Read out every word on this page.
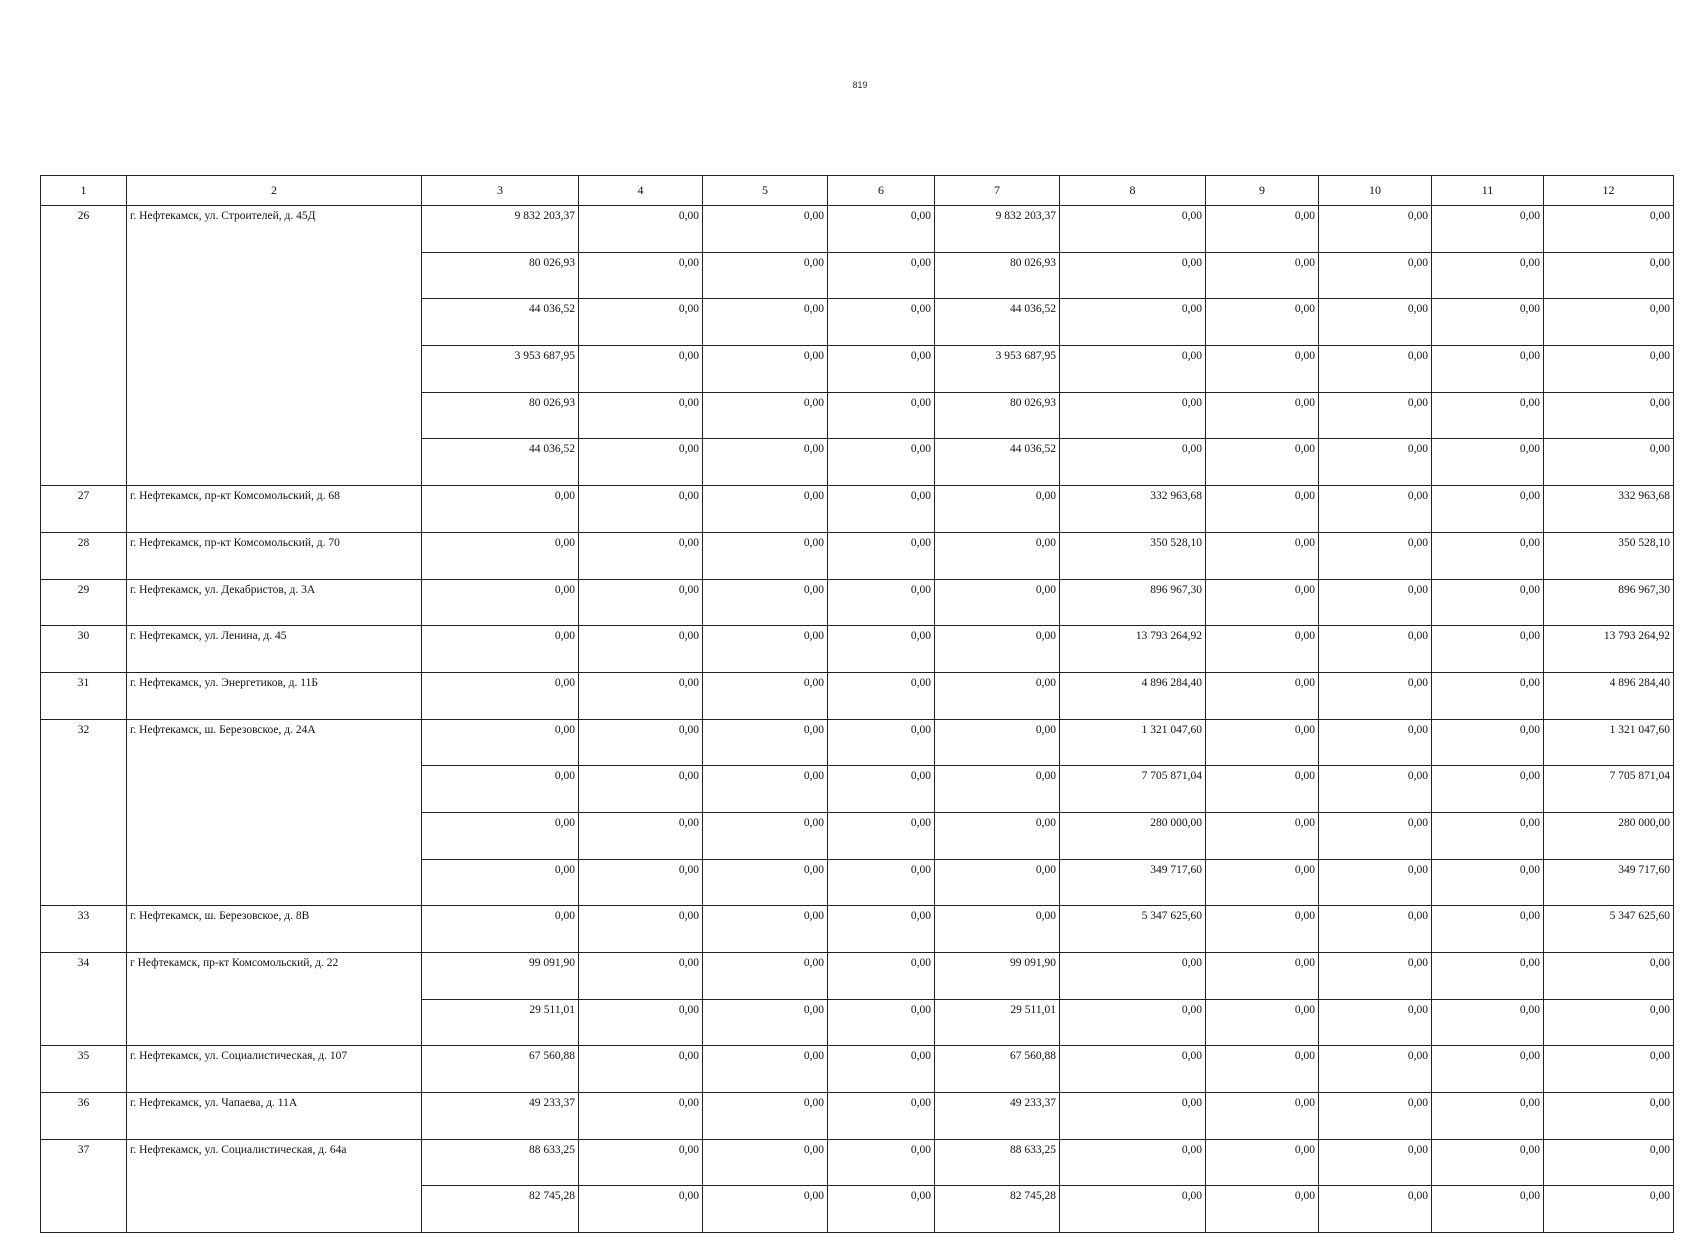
819
1	2	3	4	5	6	7	8	9	10	11	12
26	г. Нефтекамск, ул. Строителей, д. 45Д	9 832 203,37	0,00	0,00	0,00	9 832 203,37	0,00	0,00	0,00	0,00	0,00
		80 026,93	0,00	0,00	0,00	80 026,93	0,00	0,00	0,00	0,00	0,00
		44 036,52	0,00	0,00	0,00	44 036,52	0,00	0,00	0,00	0,00	0,00
		3 953 687,95	0,00	0,00	0,00	3 953 687,95	0,00	0,00	0,00	0,00	0,00
		80 026,93	0,00	0,00	0,00	80 026,93	0,00	0,00	0,00	0,00	0,00
		44 036,52	0,00	0,00	0,00	44 036,52	0,00	0,00	0,00	0,00	0,00
27	г. Нефтекамск, пр-кт Комсомольский, д. 68	0,00	0,00	0,00	0,00	0,00	332 963,68	0,00	0,00	0,00	332 963,68
28	г. Нефтекамск, пр-кт Комсомольский, д. 70	0,00	0,00	0,00	0,00	0,00	350 528,10	0,00	0,00	0,00	350 528,10
29	г. Нефтекамск, ул. Декабристов, д. 3А	0,00	0,00	0,00	0,00	0,00	896 967,30	0,00	0,00	0,00	896 967,30
30	г. Нефтекамск, ул. Ленина, д. 45	0,00	0,00	0,00	0,00	0,00	13 793 264,92	0,00	0,00	0,00	13 793 264,92
31	г. Нефтекамск, ул. Энергетиков, д. 11Б	0,00	0,00	0,00	0,00	0,00	4 896 284,40	0,00	0,00	0,00	4 896 284,40
32	г. Нефтекамск, ш. Березовское, д. 24А	0,00	0,00	0,00	0,00	0,00	1 321 047,60	0,00	0,00	0,00	1 321 047,60
		0,00	0,00	0,00	0,00	0,00	7 705 871,04	0,00	0,00	0,00	7 705 871,04
		0,00	0,00	0,00	0,00	0,00	280 000,00	0,00	0,00	0,00	280 000,00
		0,00	0,00	0,00	0,00	0,00	349 717,60	0,00	0,00	0,00	349 717,60
33	г. Нефтекамск, ш. Березовское, д. 8В	0,00	0,00	0,00	0,00	0,00	5 347 625,60	0,00	0,00	0,00	5 347 625,60
34	г Нефтекамск, пр-кт Комсомольский, д. 22	99 091,90	0,00	0,00	0,00	99 091,90	0,00	0,00	0,00	0,00	0,00
		29 511,01	0,00	0,00	0,00	29 511,01	0,00	0,00	0,00	0,00	0,00
35	г. Нефтекамск, ул. Социалистическая, д. 107	67 560,88	0,00	0,00	0,00	67 560,88	0,00	0,00	0,00	0,00	0,00
36	г. Нефтекамск, ул. Чапаева, д. 11А	49 233,37	0,00	0,00	0,00	49 233,37	0,00	0,00	0,00	0,00	0,00
37	г. Нефтекамск, ул. Социалистическая, д. 64а	88 633,25	0,00	0,00	0,00	88 633,25	0,00	0,00	0,00	0,00	0,00
		82 745,28	0,00	0,00	0,00	82 745,28	0,00	0,00	0,00	0,00	0,00
